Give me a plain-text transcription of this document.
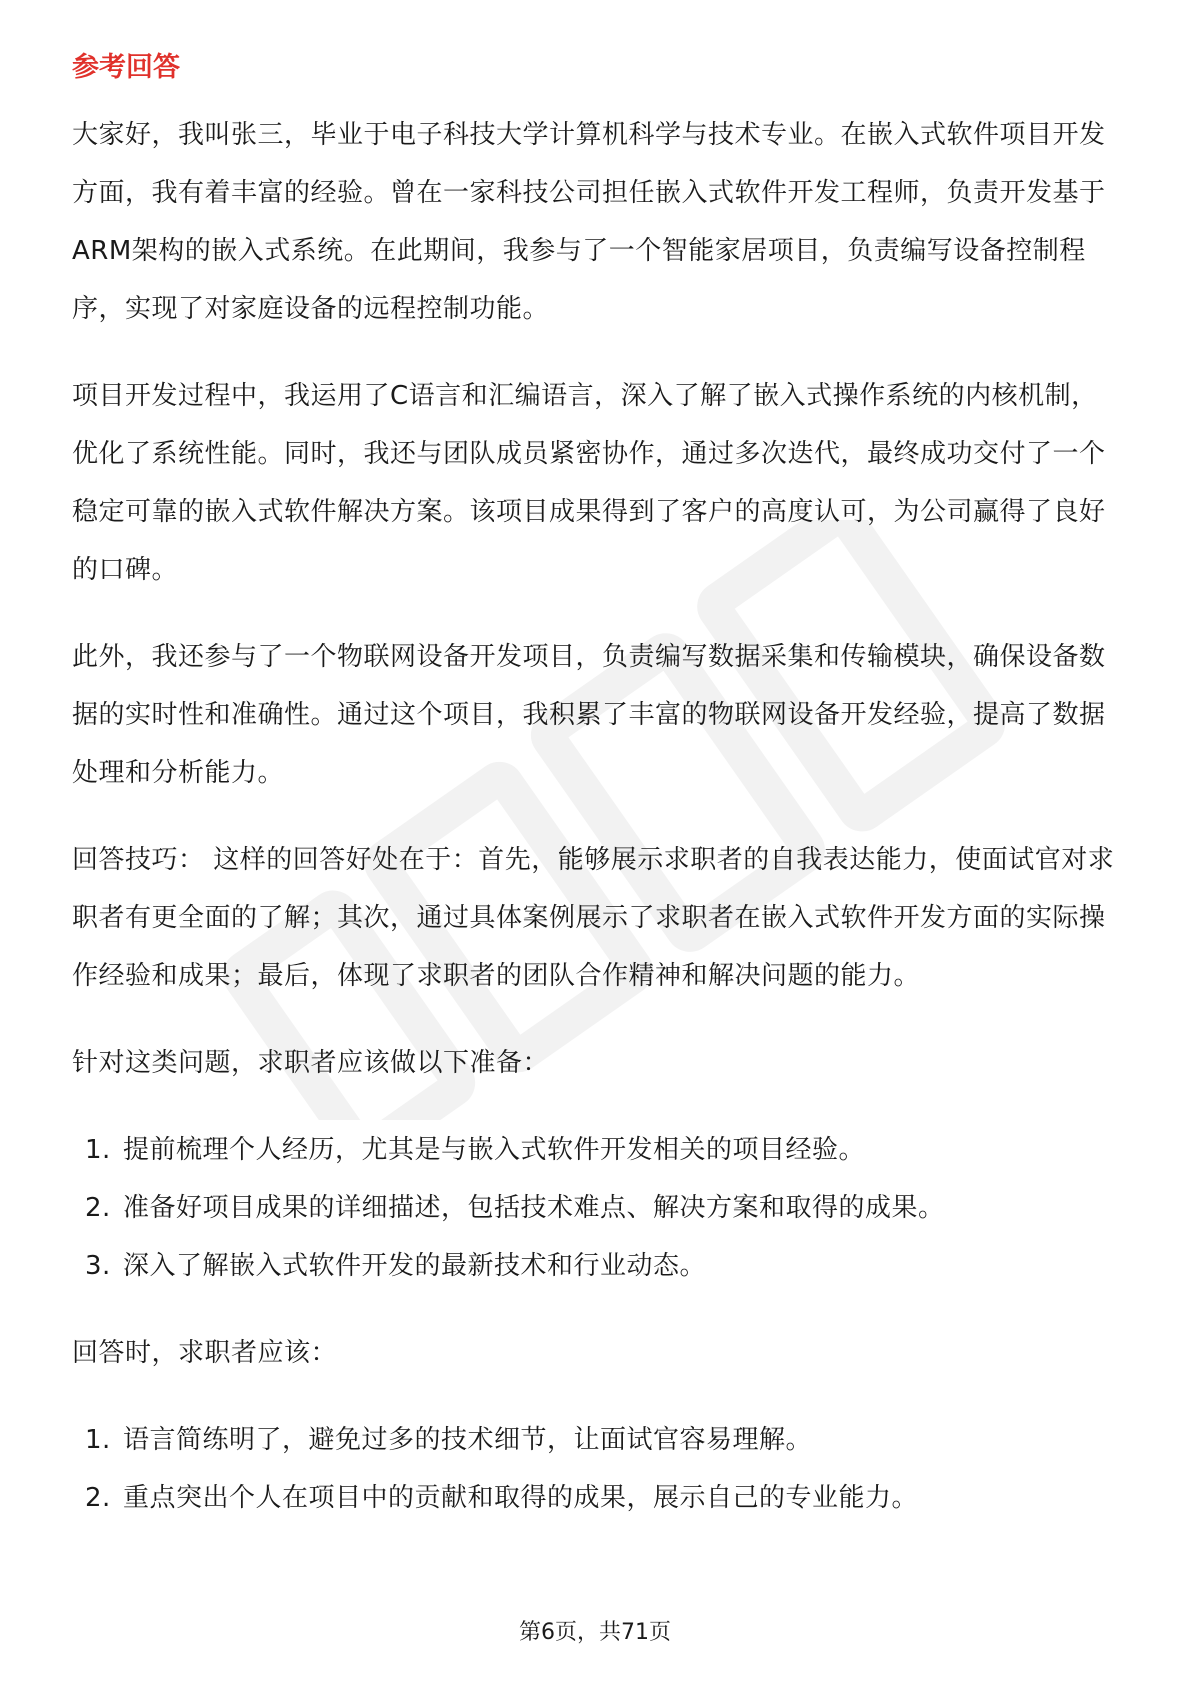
参考回答

大家好，我叫张三，毕业于电子科技大学计算机科学与技术专业。在嵌入式软件项目开发方面，我有着丰富的经验。曾在一家科技公司担任嵌入式软件开发工程师，负责开发基于ARM架构的嵌入式系统。在此期间，我参与了一个智能家居项目，负责编写设备控制程序，实现了对家庭设备的远程控制功能。

项目开发过程中，我运用了C语言和汇编语言，深入了解了嵌入式操作系统的内核机制，优化了系统性能。同时，我还与团队成员紧密协作，通过多次迭代，最终成功交付了一个稳定可靠的嵌入式软件解决方案。该项目成果得到了客户的高度认可，为公司赢得了良好的口碑。

此外，我还参与了一个物联网设备开发项目，负责编写数据采集和传输模块，确保设备数据的实时性和准确性。通过这个项目，我积累了丰富的物联网设备开发经验，提高了数据处理和分析能力。

回答技巧： 这样的回答好处在于：首先，能够展示求职者的自我表达能力，使面试官对求职者有更全面的了解；其次，通过具体案例展示了求职者在嵌入式软件开发方面的实际操作经验和成果；最后，体现了求职者的团队合作精神和解决问题的能力。

针对这类问题，求职者应该做以下准备：

1. 提前梳理个人经历，尤其是与嵌入式软件开发相关的项目经验。
2. 准备好项目成果的详细描述，包括技术难点、解决方案和取得的成果。
3. 深入了解嵌入式软件开发的最新技术和行业动态。

回答时，求职者应该：

1. 语言简练明了，避免过多的技术细节，让面试官容易理解。
2. 重点突出个人在项目中的贡献和取得的成果，展示自己的专业能力。
第6页，共71页
